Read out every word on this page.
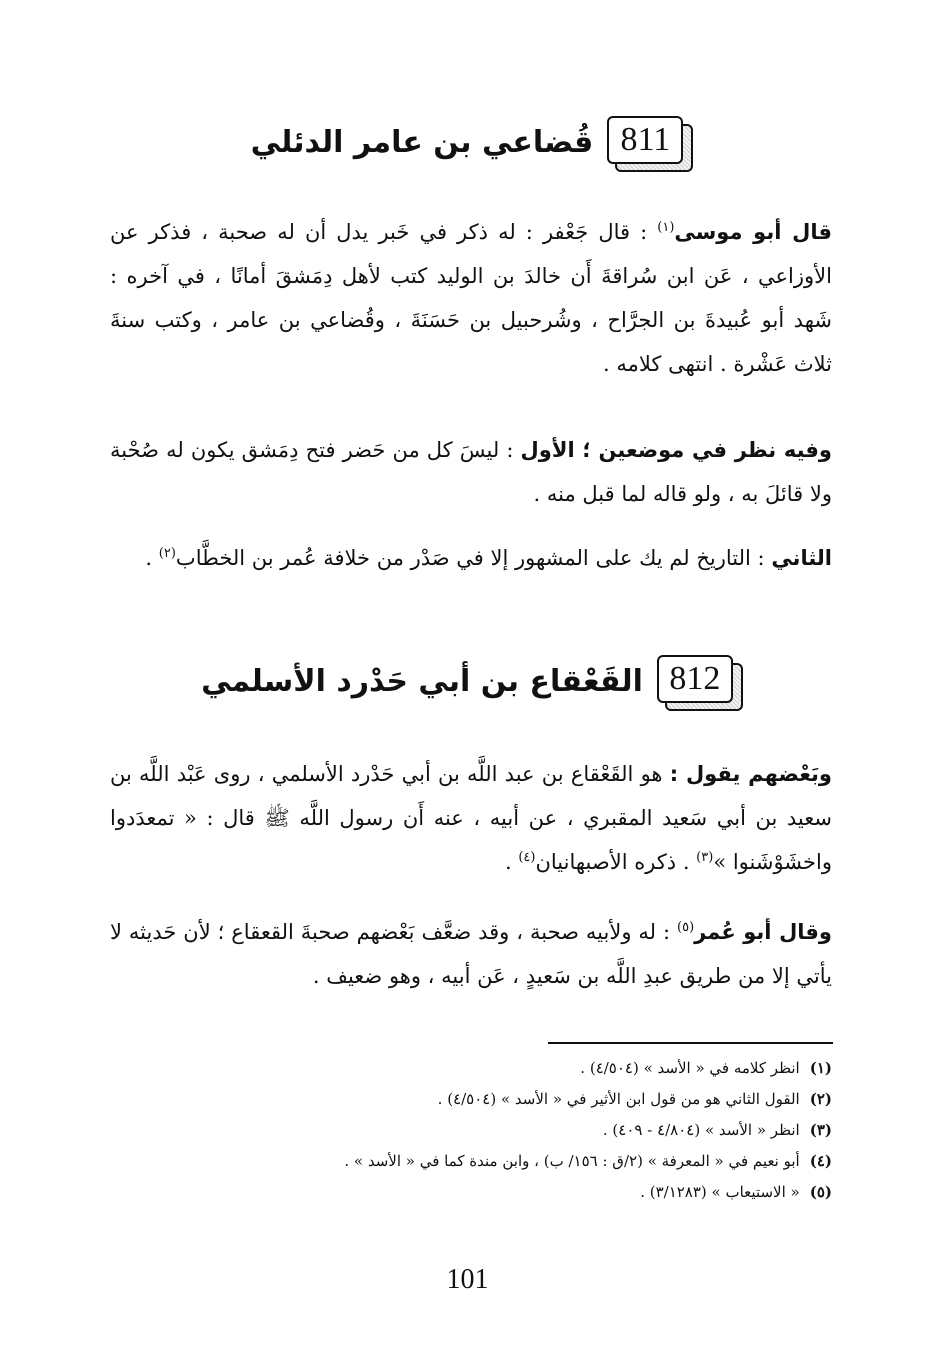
811
قُضاعي بن عامر الدئلي
قال أبو موسى$^{(١)}$ : قال جَعْفر : له ذكر في خَبر يدل أن له صحبة ، فذكر عن الأوزاعي ، عَن ابن سُراقةَ أَن خالدَ بن الوليد كتب لأهل دِمَشقَ أمانًا ، في آخره : شَهد أبو عُبيدةَ بن الجرَّاح ، وشُرحبيل بن حَسَنَةَ ، وقُضاعي بن عامر ، وكتب سنةَ ثلاث عَشْرة . انتهى كلامه .
وفيه نظر في موضعين ؛ الأول : ليسَ كل من حَضر فتح دِمَشق يكون له صُحْبة ولا قائلَ به ، ولو قاله لما قبل منه .
الثاني : التاريخ لم يك على المشهور إلا في صَدْر من خلافة عُمر بن الخطَّاب$^{(٢)}$ .
812
القَعْقاع بن أبي حَدْرد الأسلمي
وبَعْضهم يقول : هو القَعْقاع بن عبد اللَّه بن أبي حَدْرد الأسلمي ، روى عَبْد اللَّه بن سعيد بن أبي سَعيد المقبري ، عن أبيه ، عنه أَن رسول اللَّه ﷺ قال : « تمعدَدوا واخشَوْشَنوا »$^{(٣)}$ . ذكره الأصبهانيان$^{(٤)}$ .
وقال أبو عُمر$^{(٥)}$ : له ولأبيه صحبة ، وقد ضعَّف بَعْضهم صحبةَ القعقاع ؛ لأن حَديثه لا يأتي إلا من طريق عبدِ اللَّه بن سَعيدٍ ، عَن أبيه ، وهو ضعيف .
(١)انظر كلامه في « الأسد » (٤/٥٠٤) .
(٢)القول الثاني هو من قول ابن الأثير في « الأسد » (٤/٥٠٤) .
(٣)انظر « الأسد » (٤/٨٠٤ - ٤٠٩) .
(٤)أبو نعيم في « المعرفة » (٢/ق : ١٥٦/ ب) ، وابن مندة كما في « الأسد » .
(٥)« الاستيعاب » (٣/١٢٨٣) .
101
